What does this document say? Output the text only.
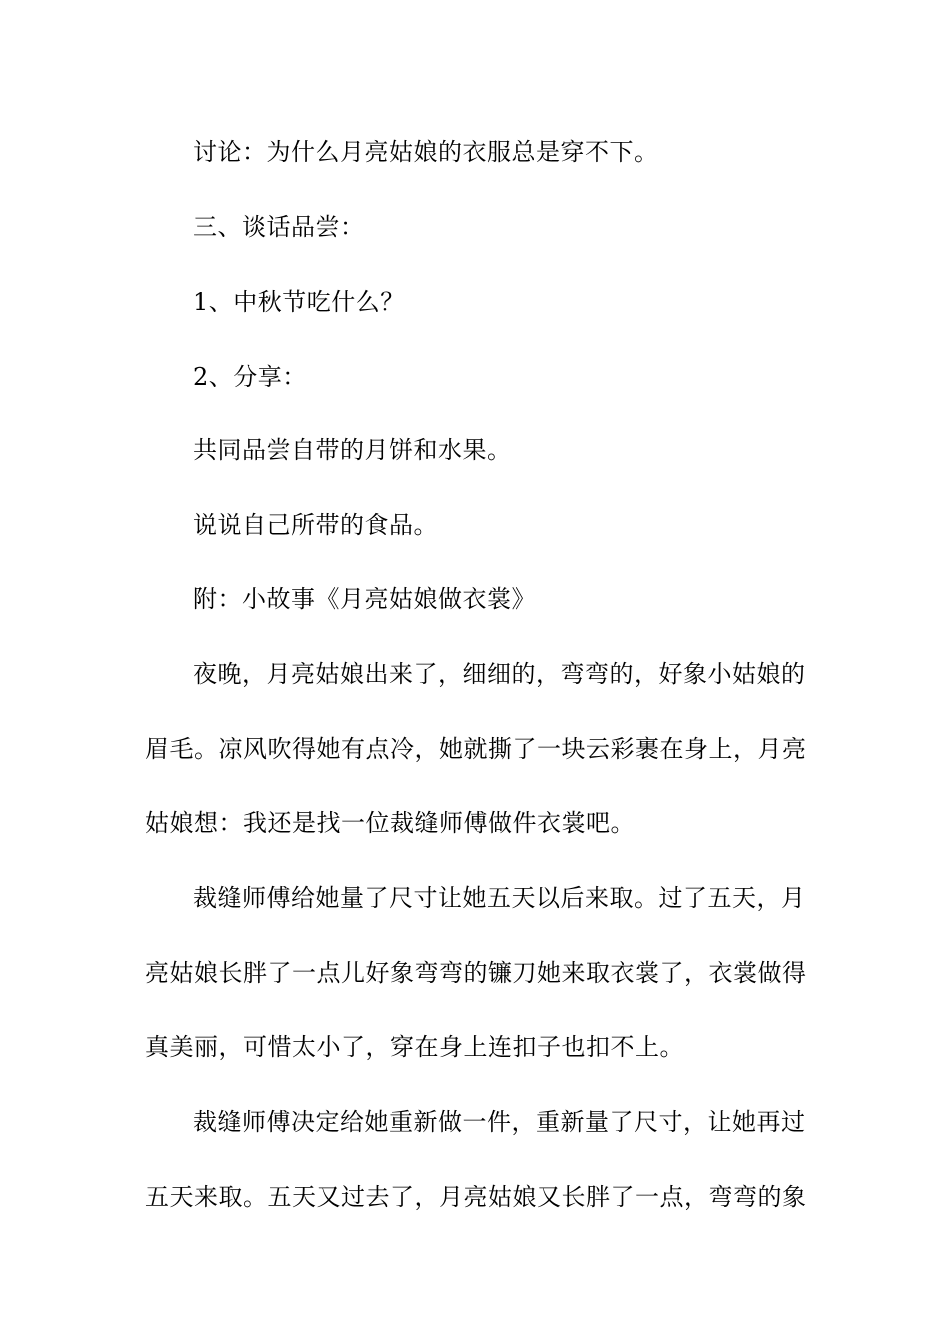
讨论：为什么月亮姑娘的衣服总是穿不下。
三、谈话品尝：
1、中秋节吃什么？
2、分享：
共同品尝自带的月饼和水果。
说说自己所带的食品。
附：小故事《月亮姑娘做衣裳》
夜晚，月亮姑娘出来了，细细的，弯弯的，好象小姑娘的
眉毛。凉风吹得她有点冷，她就撕了一块云彩裹在身上，月亮
姑娘想：我还是找一位裁缝师傅做件衣裳吧。
裁缝师傅给她量了尺寸让她五天以后来取。过了五天，月
亮姑娘长胖了一点儿好象弯弯的镰刀她来取衣裳了，衣裳做得
真美丽，可惜太小了，穿在身上连扣子也扣不上。
裁缝师傅决定给她重新做一件，重新量了尺寸，让她再过
五天来取。五天又过去了，月亮姑娘又长胖了一点，弯弯的象
